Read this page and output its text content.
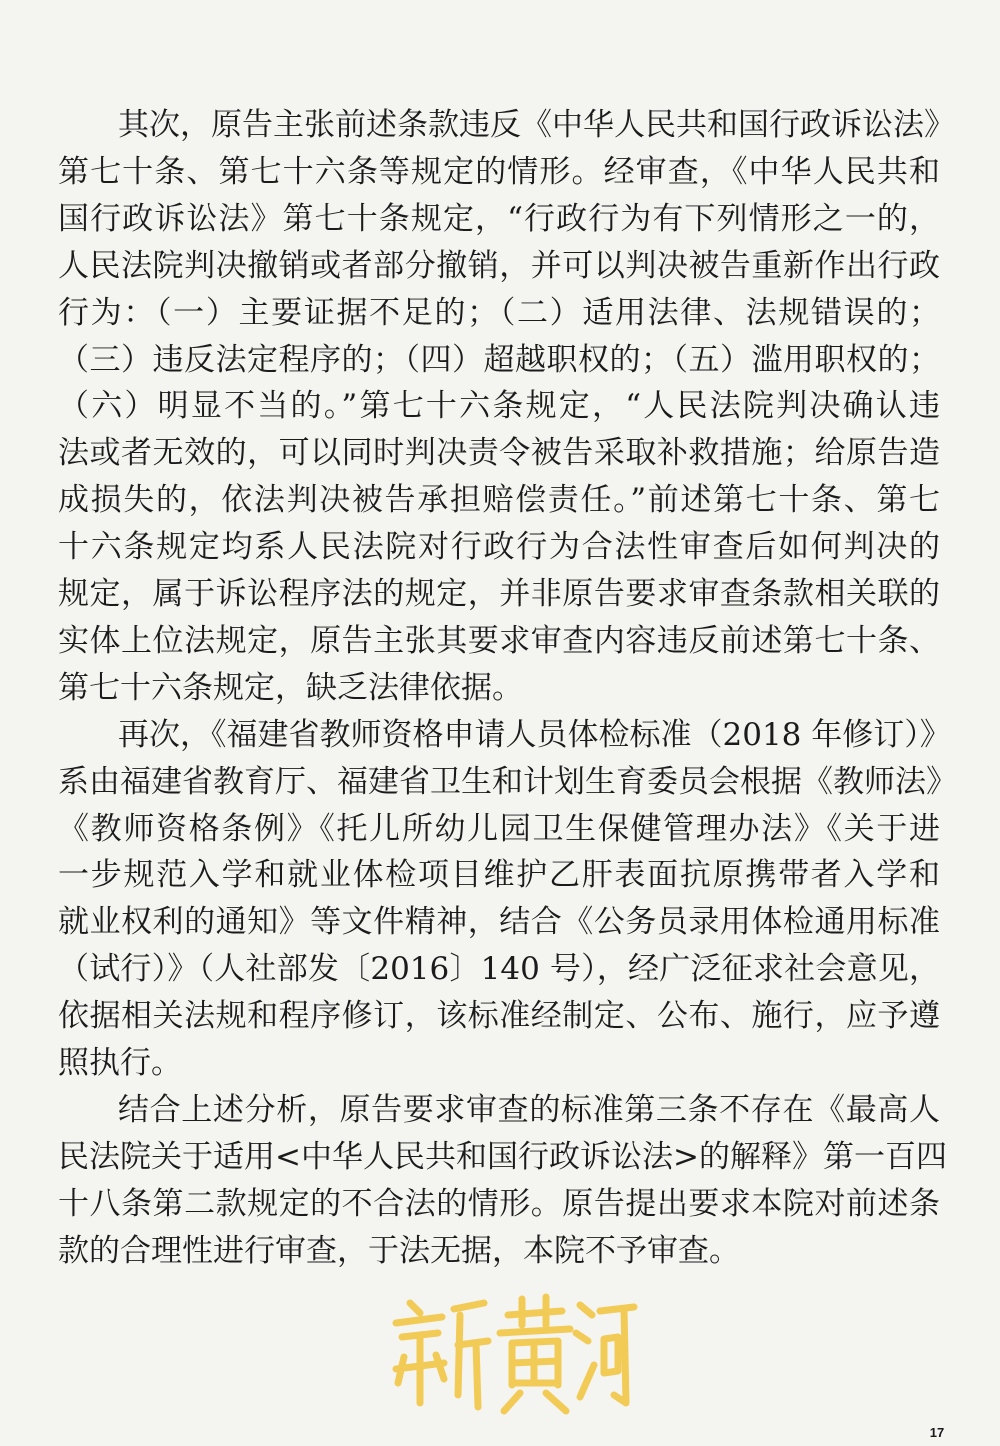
其次，原告主张前述条款违反《中华人民共和国行政诉讼法》
第七十条、第七十六条等规定的情形。经审查，《中华人民共和
国行政诉讼法》第七十条规定，“行政行为有下列情形之一的，
人民法院判决撤销或者部分撤销，并可以判决被告重新作出行政
行为：（一）主要证据不足的；（二）适用法律、法规错误的；
（三）违反法定程序的；（四）超越职权的；（五）滥用职权的；
（六）明显不当的。”第七十六条规定，“人民法院判决确认违
法或者无效的，可以同时判决责令被告采取补救措施；给原告造
成损失的，依法判决被告承担赔偿责任。”前述第七十条、第七
十六条规定均系人民法院对行政行为合法性审查后如何判决的
规定，属于诉讼程序法的规定，并非原告要求审查条款相关联的
实体上位法规定，原告主张其要求审查内容违反前述第七十条、
第七十六条规定，缺乏法律依据。
再次，《福建省教师资格申请人员体检标准（2018 年修订）》
系由福建省教育厅、福建省卫生和计划生育委员会根据《教师法》
《教师资格条例》《托儿所幼儿园卫生保健管理办法》《关于进
一步规范入学和就业体检项目维护乙肝表面抗原携带者入学和
就业权利的通知》等文件精神，结合《公务员录用体检通用标准
（试行）》（人社部发〔2016〕140 号），经广泛征求社会意见，
依据相关法规和程序修订，该标准经制定、公布、施行，应予遵
照执行。
结合上述分析，原告要求审查的标准第三条不存在《最高人
民法院关于适用<中华人民共和国行政诉讼法>的解释》第一百四
十八条第二款规定的不合法的情形。原告提出要求本院对前述条
款的合理性进行审查，于法无据，本院不予审查。
17
